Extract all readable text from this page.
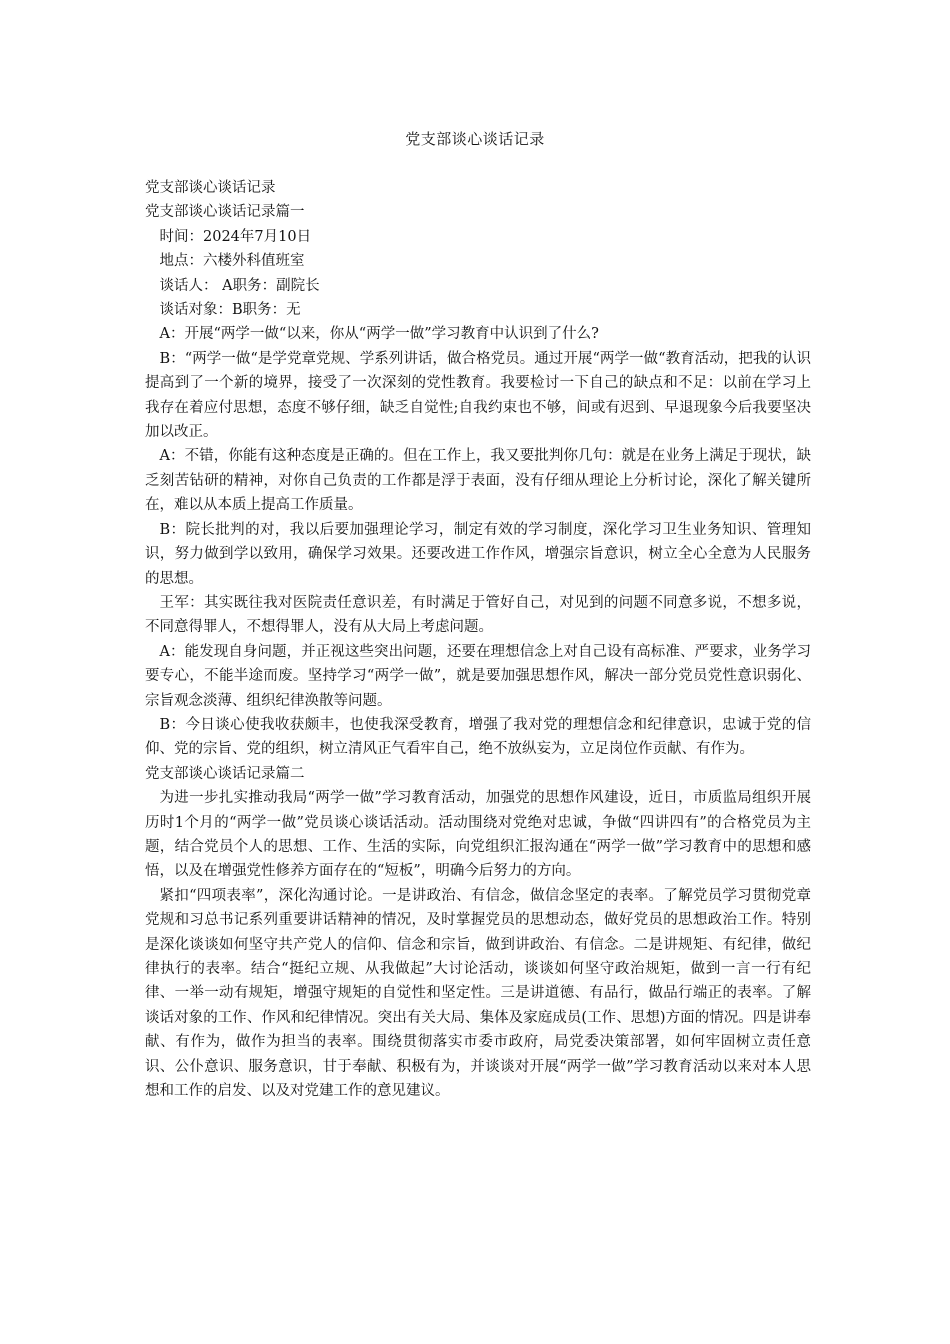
党支部谈心谈话记录

党支部谈心谈话记录

党支部谈心谈话记录篇一

时间：2024年7月10日

地点：六楼外科值班室

谈话人： A职务：副院长

谈话对象：B职务：无

A：开展“两学一做“以来，你从“两学一做”学习教育中认识到了什么?

B：“两学一做“是学党章党规、学系列讲话，做合格党员。通过开展“两学一做“教育活动，把我的认识提高到了一个新的境界，接受了一次深刻的党性教育。我要检讨一下自己的缺点和不足：以前在学习上我存在着应付思想，态度不够仔细，缺乏自觉性;自我约束也不够，间或有迟到、早退现象今后我要坚决加以改正。

A：不错，你能有这种态度是正确的。但在工作上，我又要批判你几句：就是在业务上满足于现状，缺乏刻苦钻研的精神，对你自己负责的工作都是浮于表面，没有仔细从理论上分析讨论，深化了解关键所在，难以从本质上提高工作质量。

B：院长批判的对，我以后要加强理论学习，制定有效的学习制度，深化学习卫生业务知识、管理知识，努力做到学以致用，确保学习效果。还要改进工作作风，增强宗旨意识，树立全心全意为人民服务的思想。

王军：其实既往我对医院责任意识差，有时满足于管好自己，对见到的问题不同意多说，不想多说，不同意得罪人，不想得罪人，没有从大局上考虑问题。

A：能发现自身问题，并正视这些突出问题，还要在理想信念上对自己设有高标准、严要求，业务学习要专心，不能半途而废。坚持学习“两学一做”，就是要加强思想作风，解决一部分党员党性意识弱化、宗旨观念淡薄、组织纪律涣散等问题。

B：今日谈心使我收获颇丰，也使我深受教育，增强了我对党的理想信念和纪律意识，忠诚于党的信仰、党的宗旨、党的组织，树立清风正气看牢自己，绝不放纵妄为，立足岗位作贡献、有作为。

党支部谈心谈话记录篇二

为进一步扎实推动我局“两学一做”学习教育活动，加强党的思想作风建设，近日，市质监局组织开展历时1个月的“两学一做”党员谈心谈话活动。活动围绕对党绝对忠诚，争做“四讲四有”的合格党员为主题，结合党员个人的思想、工作、生活的实际，向党组织汇报沟通在“两学一做”学习教育中的思想和感悟，以及在增强党性修养方面存在的“短板”，明确今后努力的方向。

紧扣“四项表率”，深化沟通讨论。一是讲政治、有信念，做信念坚定的表率。了解党员学习贯彻党章党规和习总书记系列重要讲话精神的情况，及时掌握党员的思想动态，做好党员的思想政治工作。特别是深化谈谈如何坚守共产党人的信仰、信念和宗旨，做到讲政治、有信念。二是讲规矩、有纪律，做纪律执行的表率。结合“挺纪立规、从我做起”大讨论活动，谈谈如何坚守政治规矩，做到一言一行有纪律、一举一动有规矩，增强守规矩的自觉性和坚定性。三是讲道德、有品行，做品行端正的表率。了解谈话对象的工作、作风和纪律情况。突出有关大局、集体及家庭成员(工作、思想)方面的情况。四是讲奉献、有作为，做作为担当的表率。围绕贯彻落实市委市政府，局党委决策部署，如何牢固树立责任意识、公仆意识、服务意识，甘于奉献、积极有为，并谈谈对开展“两学一做”学习教育活动以来对本人思想和工作的启发、以及对党建工作的意见建议。
